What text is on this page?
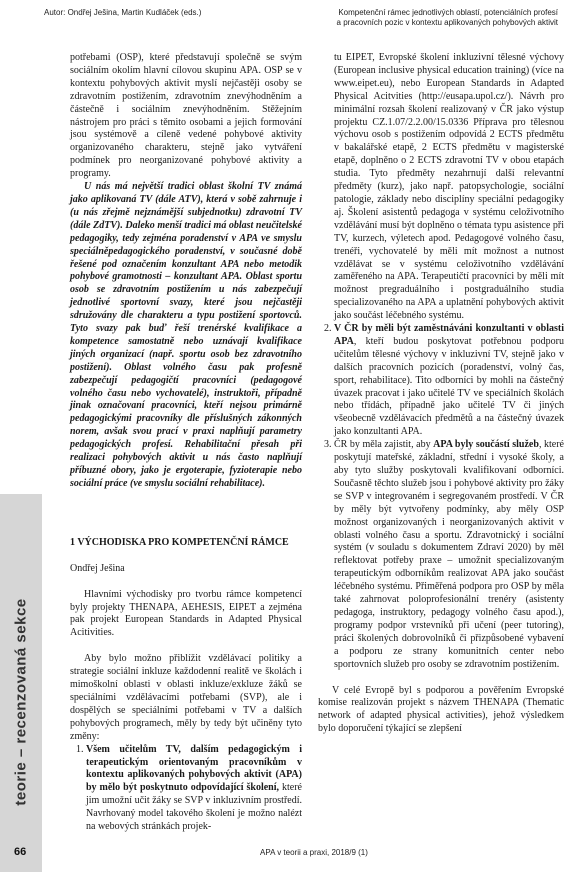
Autor: Ondřej Ješina, Martin Kudláček (eds.)	Kompetenční rámec jednotlivých oblastí, potenciálních profesí
a pracovních pozic v kontextu aplikovaných pohybových aktivit

potřebami (OSP), které představují společně se svým sociálním okolím hlavní cílovou skupinu APA. OSP se v kontextu pohybových aktivit myslí nejčastěji osoby se zdravotním postižením, zdravotním znevýhodněním a částečně i sociálním znevýhodněním. Stěžejním nástrojem pro práci s těmito osobami a jejich formování jsou systémově a cíleně vedené pohybové aktivity organizovaného charakteru, stejně jako vytváření podmínek pro neorganizované pohybové aktivity a programy.

U nás má největší tradici oblast školní TV známá jako aplikovaná TV (dále ATV), která v sobě zahrnuje i (u nás zřejmě nejznámější subjednotku) zdravotní TV (dále ZdTV). Daleko menší tradici má oblast neučitelské pedagogiky, tedy zejména poradenství v APA ve smyslu speciálněpedagogického poradenství, v současné době řešené pod označením konzultant APA nebo metodik pohybové gramotnosti – konzultant APA. Oblast sportu osob se zdravotním postižením u nás zabezpečují jednotlivé sportovní svazy, které jsou nejčastěji sdružovány dle charakteru a typu postižení sportovců. Tyto svazy pak buď řeší trenérské kvalifikace a kompetence samostatně nebo uznávají kvalifikace jiných organizací (např. sportu osob bez zdravotního postižení). Oblast volného času pak profesně zabezpečují pedagogičtí pracovníci (pedagogové volného času nebo vychovatelé), instruktoři, případně jinak označovaní pracovníci, kteří nejsou primárně pedagogickými pracovníky dle příslušných zákonných norem, avšak svou prací v praxi naplňují parametry pedagogických profesí. Rehabilitační přesah při realizaci pohybových aktivit u nás často naplňují příbuzné obory, jako je ergoterapie, fyzioterapie nebo sociální práce (ve smyslu sociální rehabilitace).

1 VÝCHODISKA PRO KOMPETENČNÍ RÁMCE

Ondřej Ješina

Hlavními východisky pro tvorbu rámce kompetencí byly projekty THENAPA, AEHESIS, EIPET a zejména pak projekt European Standards in Adapted Physical Acitivities.

Aby bylo možno přiblížit vzdělávací politiky a strategie sociální inkluze každodenní realitě ve školách i mimoškolní oblasti v oblasti inkluze/exkluze žáků se speciálními vzdělávacími potřebami (SVP), ale i dospělých se speciálními potřebami v TV a dalších pohybových programech, měly by tedy být učiněny tyto změny:

1. Všem učitelům TV, dalším pedagogickým i terapeutickým orientovaným pracovníkům v kontextu aplikovaných pohybových aktivit (APA) by mělo být poskytnuto odpovídající školení, které jim umožní učit žáky se SVP v inkluzivním prostředí. Navrhovaný model takového školení je možno nalézt na webových stránkách projek-
tu EIPET, Evropské školení inkluzivní tělesné výchovy (European inclusive physical education training) (více na www.eipet.eu), nebo European Standards in Adapted Physical Acitvities (http://eusapa.upol.cz/). Návrh pro minimální rozsah školení realizovaný v ČR jako výstup projektu CZ.1.07/2.2.00/15.0336 Příprava pro tělesnou výchovu osob s postižením odpovídá 2 ECTS předmětu v bakalářské etapě, 2 ECTS předmětu v magisterské etapě, doplněno o 2 ECTS zdravotní TV v obou etapách studia. Tyto předměty nezahrnují další relevantní předměty (kurz), jako např. patopsychologie, sociální patologie, základy nebo disciplíny speciální pedagogiky aj. Školení asistentů pedagoga v systému celoživotního vzdělávání musí být doplněno o témata typu asistence při TV, kurzech, výletech apod. Pedagogové volného času, trenéři, vychovatelé by měli mít možnost a nutnost vzdělávat se v systému celoživotního vzdělávání zaměřeného na APA. Terapeutičtí pracovníci by měli mít možnost pregraduálního i postgraduálního studia specializovaného na APA a uplatnění pohybových aktivit jako součást léčebného systému.
2. V ČR by měli být zaměstnáváni konzultanti v oblasti APA, kteří budou poskytovat potřebnou podporu učitelům tělesné výchovy v inkluzivní TV, stejně jako v dalších pracovních pozicích (poradenství, volný čas, sport, rehabilitace). Tito odborníci by mohli na částečný úvazek pracovat i jako učitelé TV ve speciálních školách nebo třídách, případně jako učitelé TV či jiných všeobecně vzdělávacích předmětů a na částečný úvazek jako konzultanti APA.
3. ČR by měla zajistit, aby APA byly součástí služeb, které poskytují mateřské, základní, střední i vysoké školy, a aby tyto služby poskytovali kvalifikovaní odborníci. Současně těchto služeb jsou i pohybové aktivity pro žáky se SVP v integrovaném i segregovaném prostředí. V ČR by měly být vytvořeny podmínky, aby měly OSP možnost organizovaných i neorganizovaných aktivit v oblasti volného času a sportu. Zdravotnický i sociální systém (v souladu s dokumentem Zdraví 2020) by měl reflektovat potřeby praxe – umožnit specializovaným terapeutickým odborníkům realizovat APA jako součást léčebného systému. Přiměřená podpora pro OSP by měla také zahrnovat poloprofesionální trenéry (asistenty pedagoga, instruktory, pedagogy volného času apod.), programy podpor vrstevníků při učení (peer tutoring), práci školených dobrovolníků či přizpůsobené vybavení a podporu ze strany komunitních center nebo sportovních služeb pro osoby se zdravotním postižením.

V celé Evropě byl s podporou a pověřením Evropské komise realizován projekt s názvem THENAPA (Thematic network of adapted physical activities), jehož výsledkem bylo doporučení týkající se zlepšení

teorie – recenzovaná sekce
66	APA v teorii a praxi, 2018/9 (1)
